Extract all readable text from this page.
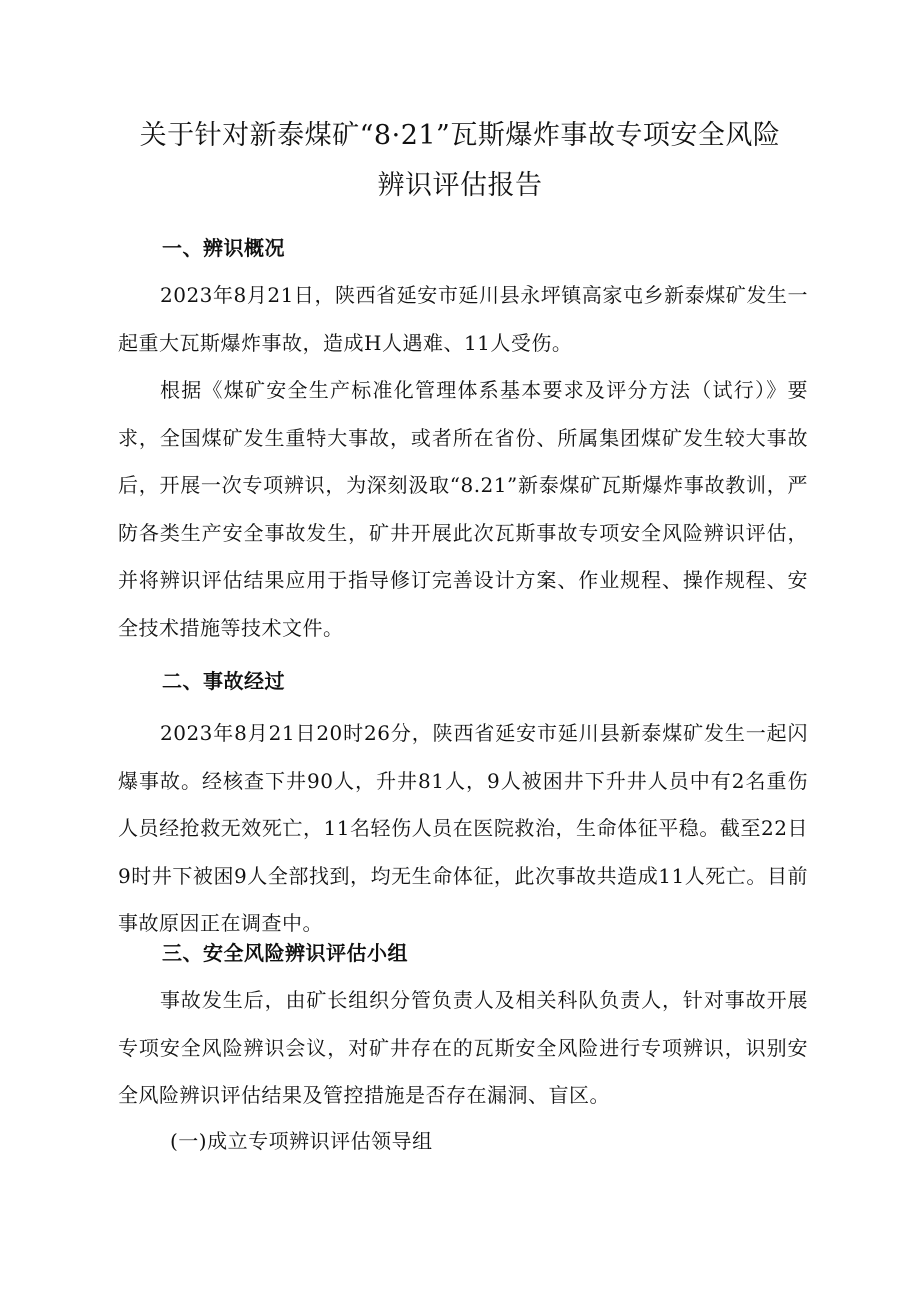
关于针对新泰煤矿“8·21”瓦斯爆炸事故专项安全风险
辨识评估报告
一、辨识概况
2023年8月21日，陕西省延安市延川县永坪镇高家屯乡新泰煤矿发生一起重大瓦斯爆炸事故，造成H人遇难、11人受伤。
根据《煤矿安全生产标准化管理体系基本要求及评分方法（试行）》要求，全国煤矿发生重特大事故，或者所在省份、所属集团煤矿发生较大事故后，开展一次专项辨识，为深刻汲取“8.21”新泰煤矿瓦斯爆炸事故教训，严防各类生产安全事故发生，矿井开展此次瓦斯事故专项安全风险辨识评估，并将辨识评估结果应用于指导修订完善设计方案、作业规程、操作规程、安全技术措施等技术文件。
二、事故经过
2023年8月21日20时26分，陕西省延安市延川县新泰煤矿发生一起闪爆事故。经核查下井90人，升井81人，9人被困井下升井人员中有2名重伤人员经抢救无效死亡，11名轻伤人员在医院救治，生命体征平稳。截至22日9时井下被困9人全部找到，均无生命体征，此次事故共造成11人死亡。目前事故原因正在调查中。
三、安全风险辨识评估小组
事故发生后，由矿长组织分管负责人及相关科队负责人，针对事故开展专项安全风险辨识会议，对矿井存在的瓦斯安全风险进行专项辨识，识别安全风险辨识评估结果及管控措施是否存在漏洞、盲区。
(一)成立专项辨识评估领导组
